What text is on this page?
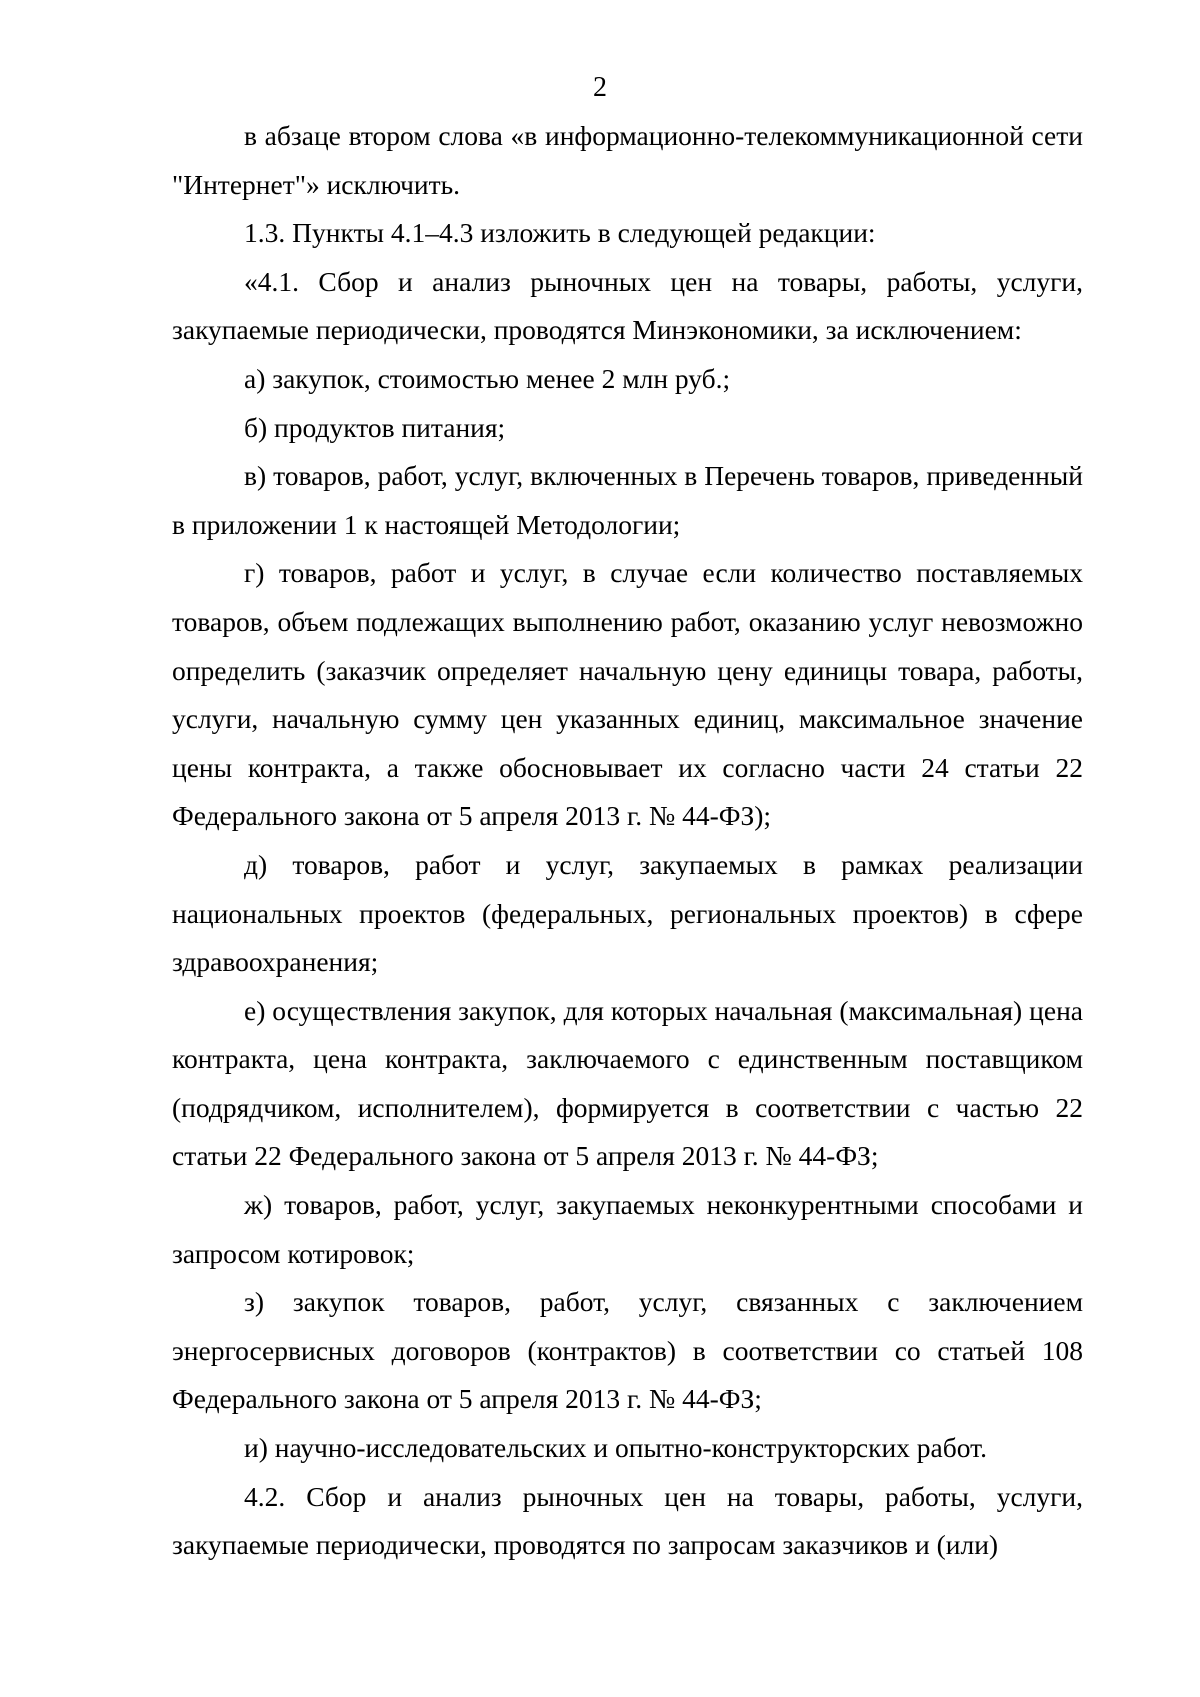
2

в абзаце втором слова «в информационно-телекоммуникационной сети "Интернет"» исключить.

1.3. Пункты 4.1–4.3 изложить в следующей редакции:

«4.1. Сбор и анализ рыночных цен на товары, работы, услуги, закупаемые периодически, проводятся Минэкономики, за исключением:

а) закупок, стоимостью менее 2 млн руб.;

б) продуктов питания;

в) товаров, работ, услуг, включенных в Перечень товаров, приведенный в приложении 1 к настоящей Методологии;

г) товаров, работ и услуг, в случае если количество поставляемых товаров, объем подлежащих выполнению работ, оказанию услуг невозможно определить (заказчик определяет начальную цену единицы товара, работы, услуги, начальную сумму цен указанных единиц, максимальное значение цены контракта, а также обосновывает их согласно части 24 статьи 22 Федерального закона от 5 апреля 2013 г. № 44-ФЗ);

д) товаров, работ и услуг, закупаемых в рамках реализации национальных проектов (федеральных, региональных проектов) в сфере здравоохранения;

е) осуществления закупок, для которых начальная (максимальная) цена контракта, цена контракта, заключаемого с единственным поставщиком (подрядчиком, исполнителем), формируется в соответствии с частью 22 статьи 22 Федерального закона от 5 апреля 2013 г. № 44-ФЗ;

ж) товаров, работ, услуг, закупаемых неконкурентными способами и запросом котировок;

з) закупок товаров, работ, услуг, связанных с заключением энергосервисных договоров (контрактов) в соответствии со статьей 108 Федерального закона от 5 апреля 2013 г. № 44-ФЗ;

и) научно-исследовательских и опытно-конструкторских работ.

4.2. Сбор и анализ рыночных цен на товары, работы, услуги, закупаемые периодически, проводятся по запросам заказчиков и (или)
